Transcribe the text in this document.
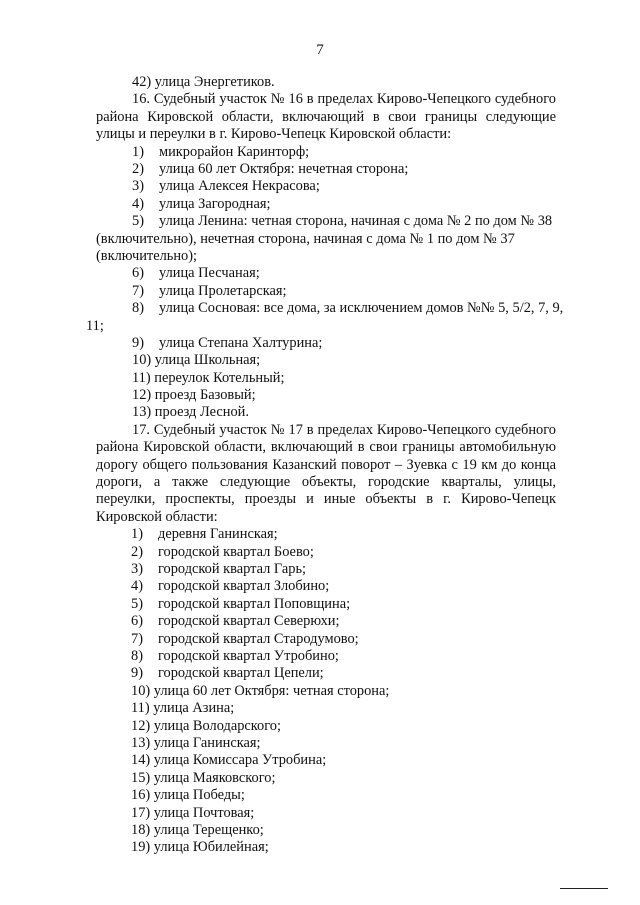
7
42) улица Энергетиков.
16. Судебный участок № 16 в пределах Кирово-Чепецкого судебного района Кировской области, включающий в свои границы следующие улицы и переулки в г. Кирово-Чепецк Кировской области:
1) микрорайон Каринторф;
2) улица 60 лет Октября: нечетная сторона;
3) улица Алексея Некрасова;
4) улица Загородная;
5) улица Ленина: четная сторона, начиная с дома № 2 по дом № 38
(включительно), нечетная сторона, начиная с дома № 1 по дом № 37
(включительно);
6) улица Песчаная;
7) улица Пролетарская;
8) улица Сосновая: все дома, за исключением домов №№ 5, 5/2, 7, 9,
11;
9) улица Степана Халтурина;
10) улица Школьная;
11) переулок Котельный;
12) проезд Базовый;
13) проезд Лесной.
17. Судебный участок № 17 в пределах Кирово-Чепецкого судебного района Кировской области, включающий в свои границы автомобильную дорогу общего пользования Казанский поворот – Зуевка с 19 км до конца дороги, а также следующие объекты, городские кварталы, улицы, переулки, проспекты, проезды и иные объекты в г. Кирово-Чепецк Кировской области:
1) деревня Ганинская;
2) городской квартал Боево;
3) городской квартал Гарь;
4) городской квартал Злобино;
5) городской квартал Поповщина;
6) городской квартал Северюхи;
7) городской квартал Стародумово;
8) городской квартал Утробино;
9) городской квартал Цепели;
10) улица 60 лет Октября: четная сторона;
11) улица Азина;
12) улица Володарского;
13) улица Ганинская;
14) улица Комиссара Утробина;
15) улица Маяковского;
16) улица Победы;
17) улица Почтовая;
18) улица Терещенко;
19) улица Юбилейная;
